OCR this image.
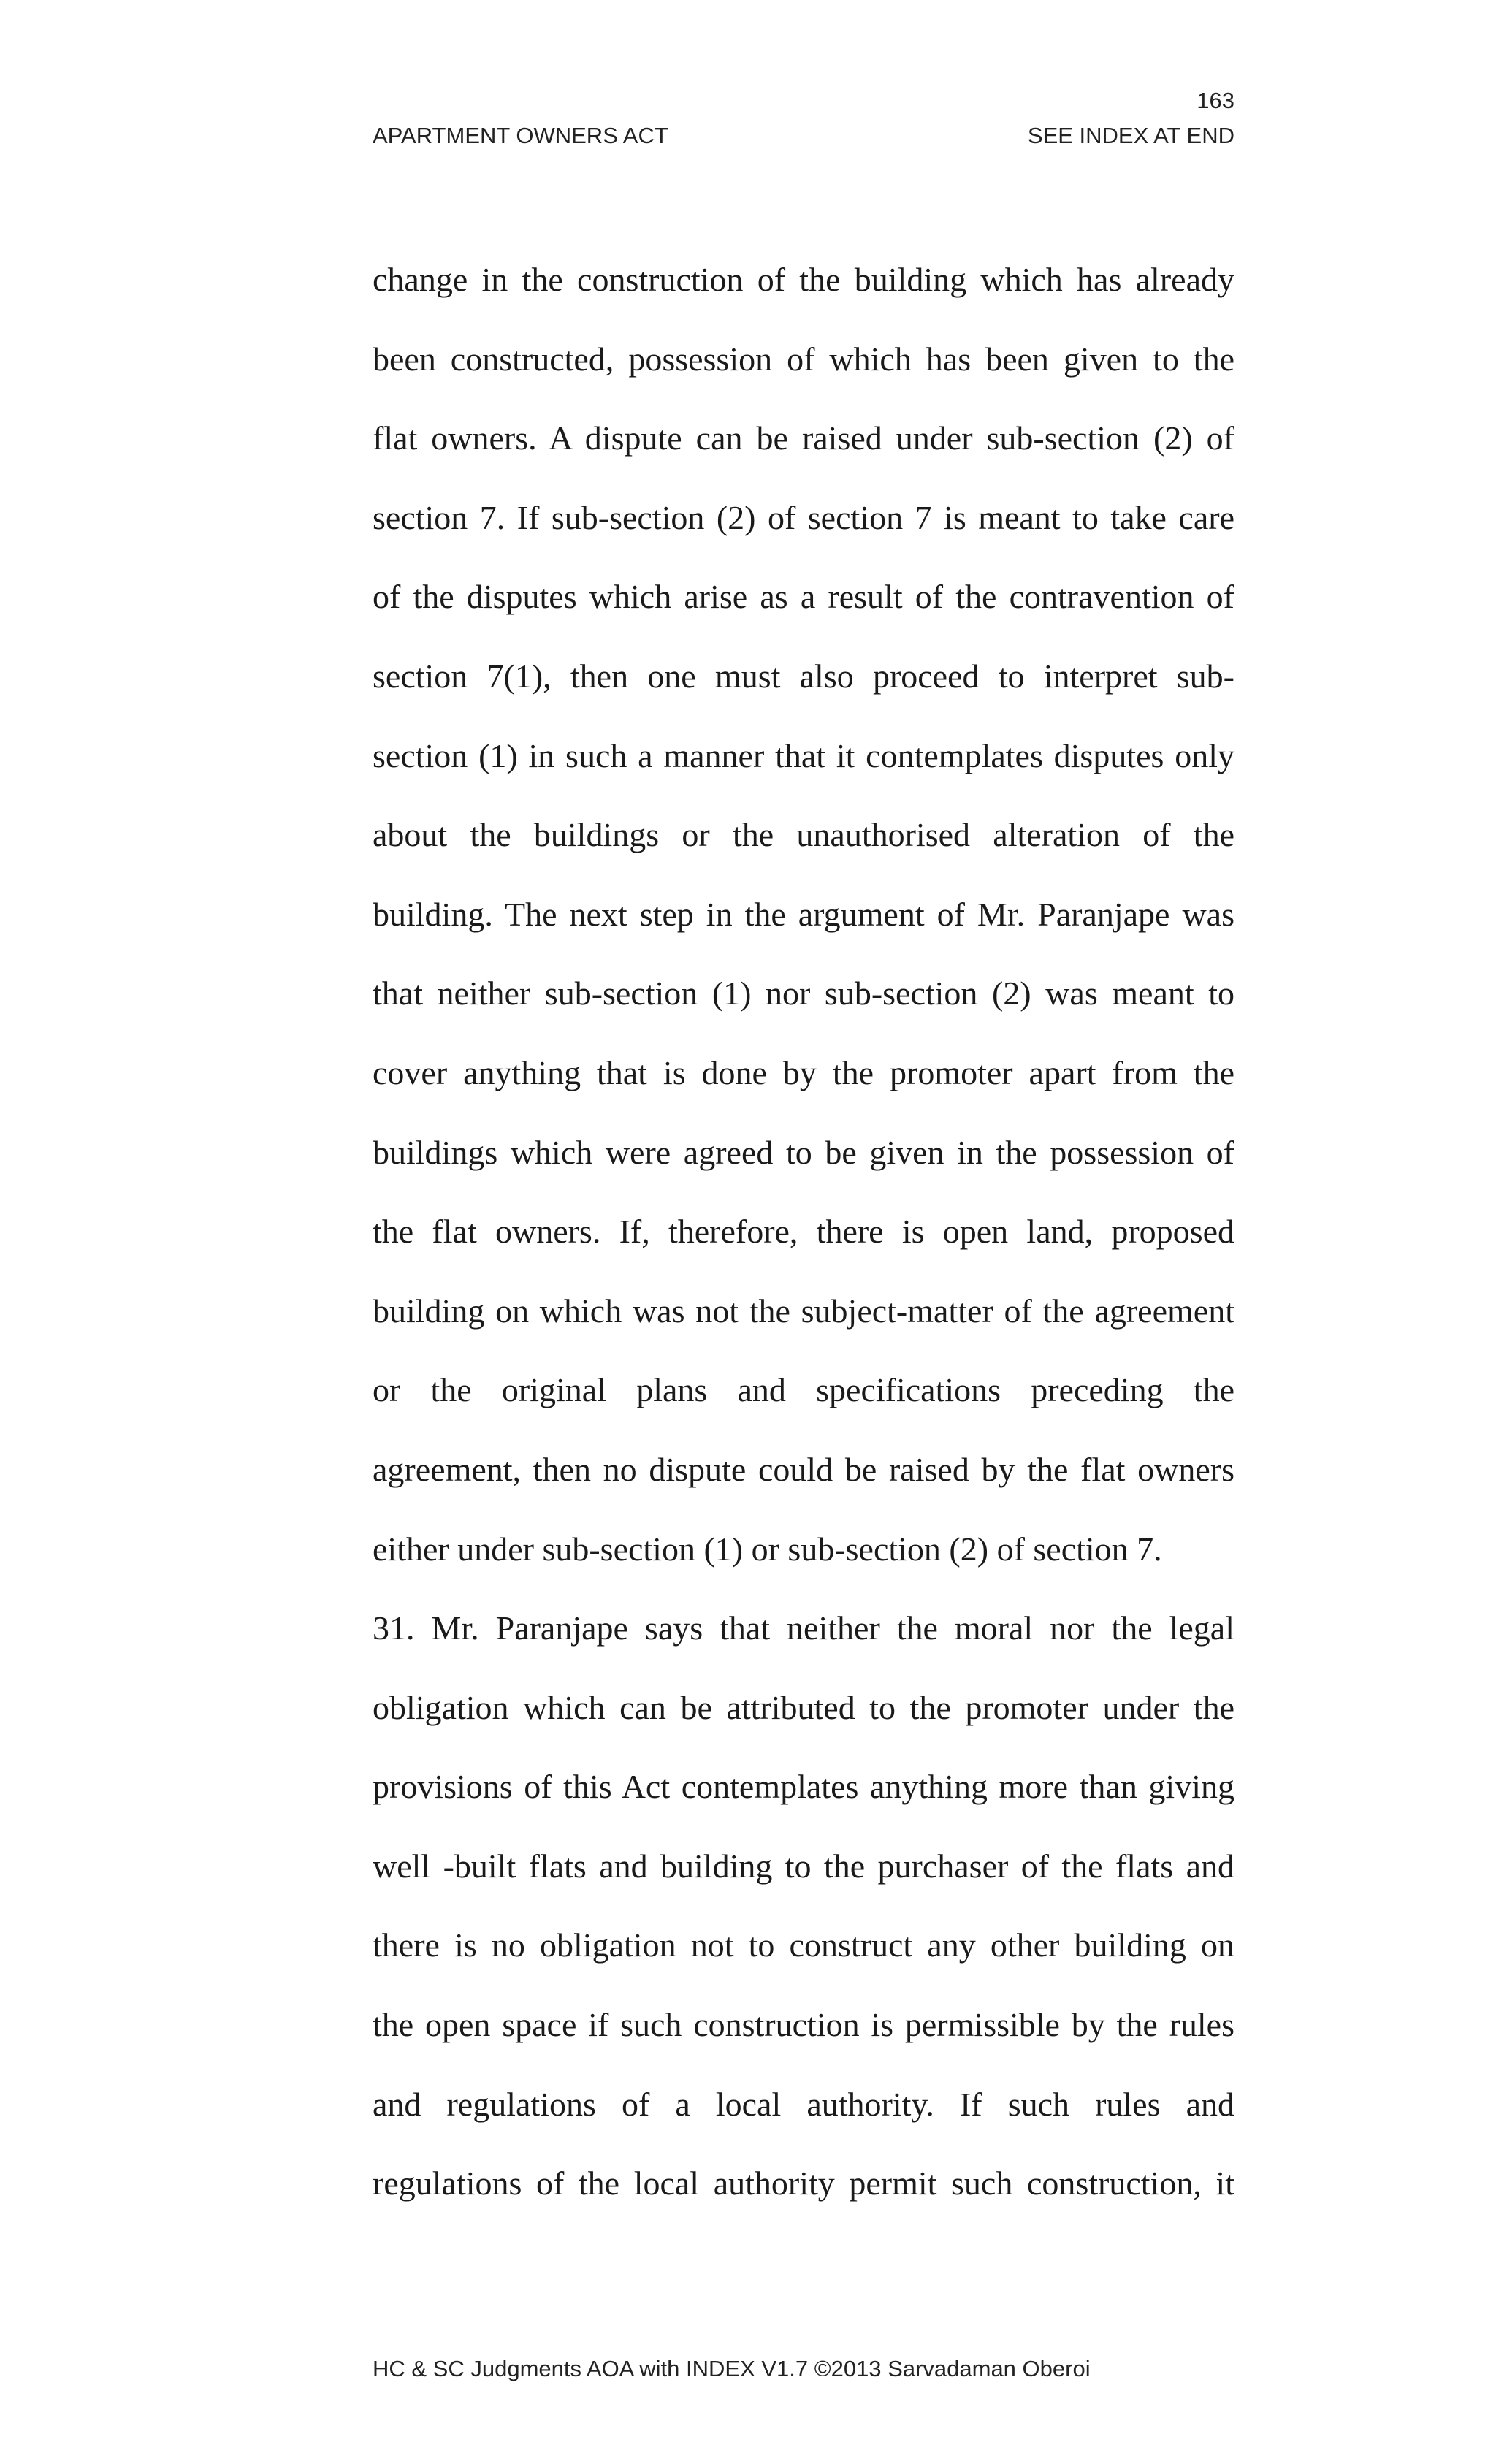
163
APARTMENT OWNERS ACT	SEE INDEX AT END
change in the construction of the building which has already
been constructed, possession of which has been given to the
flat owners. A dispute can be raised under sub-section (2) of
section 7. If sub-section (2) of section 7 is meant to take care
of the disputes which arise as a result of the contravention of
section 7(1), then one must also proceed to interpret sub-
section (1) in such a manner that it contemplates disputes only
about the buildings or the unauthorised alteration of the
building. The next step in the argument of Mr. Paranjape was
that neither sub-section (1) nor sub-section (2) was meant to
cover anything that is done by the promoter apart from the
buildings which were agreed to be given in the possession of
the flat owners. If, therefore, there is open land, proposed
building on which was not the subject-matter of the agreement
or the original plans and specifications preceding the
agreement, then no dispute could be raised by the flat owners
either under sub-section (1) or sub-section (2) of section 7.
31. Mr. Paranjape says that neither the moral nor the legal
obligation which can be attributed to the promoter under the
provisions of this Act contemplates anything more than giving
well -built flats and building to the purchaser of the flats and
there is no obligation not to construct any other building on
the open space if such construction is permissible by the rules
and regulations of a local authority. If such rules and
regulations of the local authority permit such construction, it
HC & SC Judgments AOA with INDEX V1.7 ©2013 Sarvadaman Oberoi
